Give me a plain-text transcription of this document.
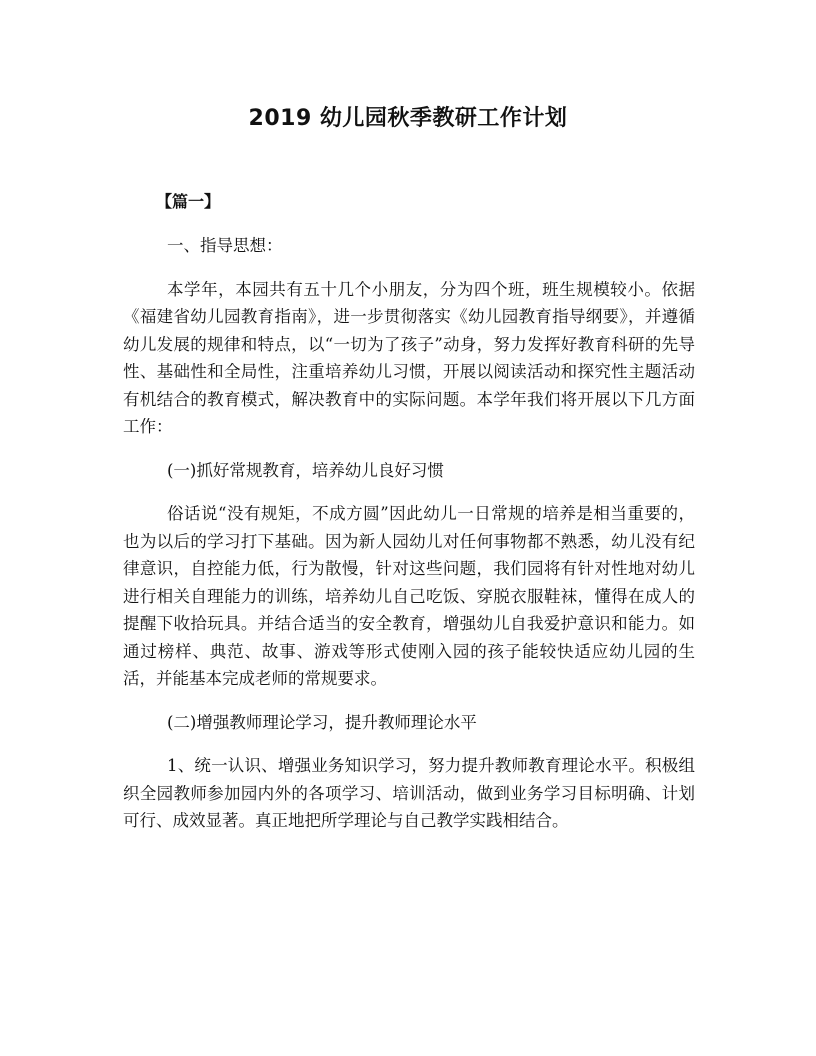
2019 幼儿园秋季教研工作计划

【篇一】

一、指导思想：

本学年，本园共有五十几个小朋友，分为四个班，班生规模较小。依据《福建省幼儿园教育指南》，进一步贯彻落实《幼儿园教育指导纲要》，并遵循幼儿发展的规律和特点，以“一切为了孩子”动身，努力发挥好教育科研的先导性、基础性和全局性，注重培养幼儿习惯，开展以阅读活动和探究性主题活动有机结合的教育模式，解决教育中的实际问题。本学年我们将开展以下几方面工作：

(一)抓好常规教育，培养幼儿良好习惯

俗话说“没有规矩，不成方圆”因此幼儿一日常规的培养是相当重要的，也为以后的学习打下基础。因为新人园幼儿对任何事物都不熟悉，幼儿没有纪律意识，自控能力低，行为散慢，针对这些问题，我们园将有针对性地对幼儿进行相关自理能力的训练，培养幼儿自己吃饭、穿脱衣服鞋袜，懂得在成人的提醒下收拾玩具。并结合适当的安全教育，增强幼儿自我爱护意识和能力。如通过榜样、典范、故事、游戏等形式使刚入园的孩子能较快适应幼儿园的生活，并能基本完成老师的常规要求。

(二)增强教师理论学习，提升教师理论水平

1、统一认识、增强业务知识学习，努力提升教师教育理论水平。积极组织全园教师参加园内外的各项学习、培训活动，做到业务学习目标明确、计划可行、成效显著。真正地把所学理论与自己教学实践相结合。
